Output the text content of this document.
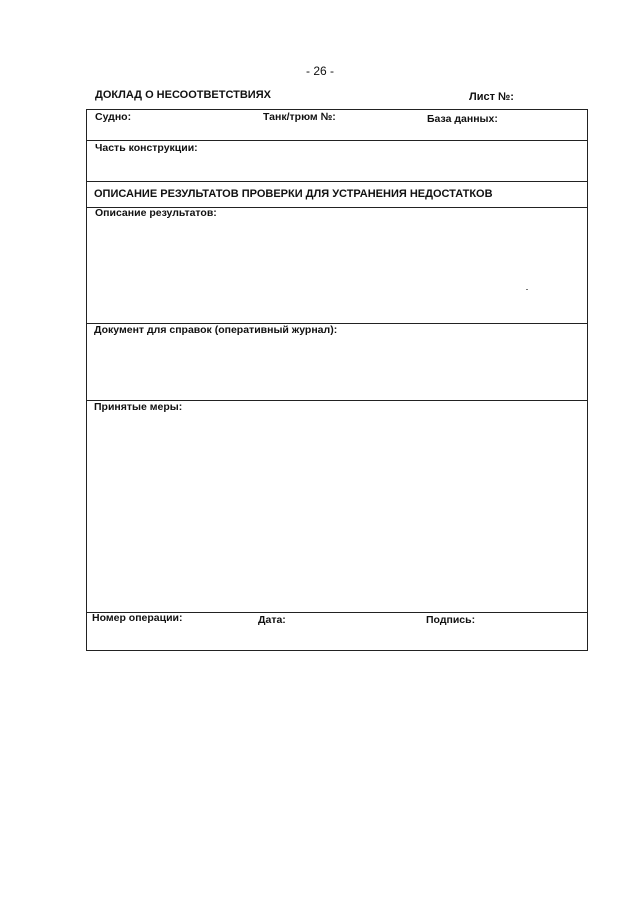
- 26 -
ДОКЛАД О НЕСООТВЕТСТВИЯХ	Лист №:
Судно:	Танк/трюм №:	База данных:
Часть конструкции:
ОПИСАНИЕ РЕЗУЛЬТАТОВ ПРОВЕРКИ ДЛЯ УСТРАНЕНИЯ НЕДОСТАТКОВ
Описание результатов:
Документ для справок (оперативный журнал):
Принятые меры:
Номер операции:	Дата:	Подпись:
